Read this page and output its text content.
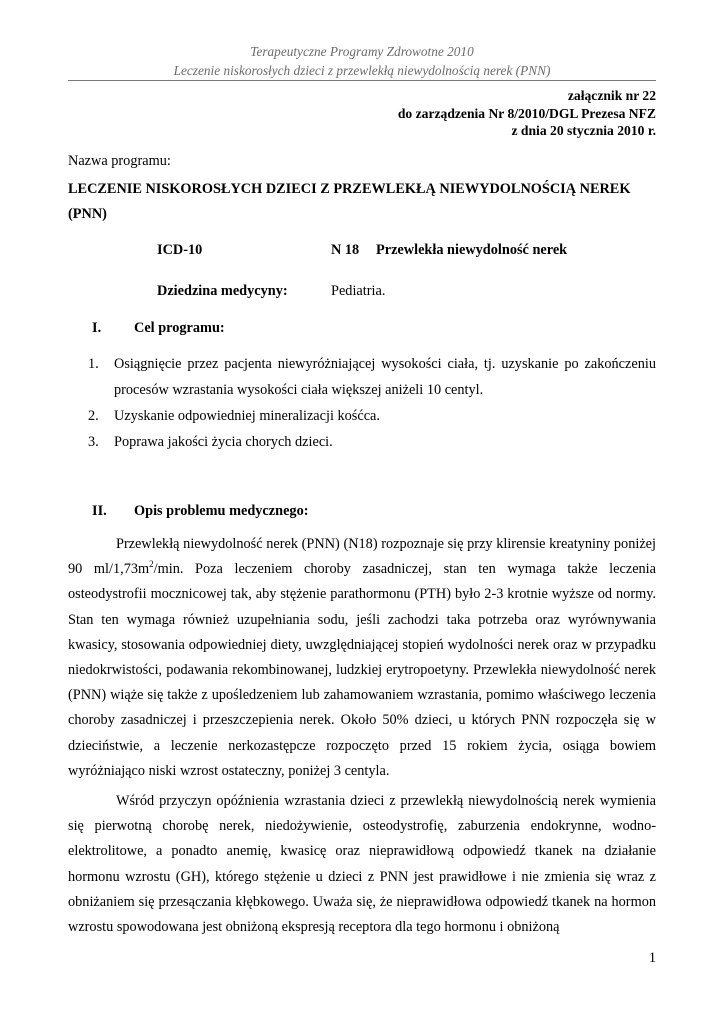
Terapeutyczne Programy Zdrowotne 2010
Leczenie niskorosłych dzieci z przewlekłą niewydolnością nerek (PNN)
załącznik nr 22
do zarządzenia Nr 8/2010/DGL Prezesa NFZ
z dnia 20 stycznia 2010 r.
Nazwa programu:
LECZENIE NISKOROSŁYCH DZIECI Z PRZEWLEKŁĄ NIEWYDOLNOŚCIĄ NEREK (PNN)
ICD-10	N 18 Przewlekła niewydolność nerek
Dziedzina medycyny:	Pediatria.
I. Cel programu:
1. Osiągnięcie przez pacjenta niewyróżniającej wysokości ciała, tj. uzyskanie po zakończeniu procesów wzrastania wysokości ciała większej aniżeli 10 centyl.
2. Uzyskanie odpowiedniej mineralizacji kośćca.
3. Poprawa jakości życia chorych dzieci.
II. Opis problemu medycznego:

Przewlekłą niewydolność nerek (PNN) (N18) rozpoznaje się przy klirensie kreatyniny poniżej 90 $ml/1,73m^2/\min$. Poza leczeniem choroby zasadniczej, stan ten wymaga także leczenia osteodystrofii mocznicowej tak, aby stężenie parathormonu (PTH) było 2-3 krotnie wyższe od normy. Stan ten wymaga również uzupełniania sodu, jeśli zachodzi taka potrzeba oraz wyrównywania kwasicy, stosowania odpowiedniej diety, uwzględniającej stopień wydolności nerek oraz w przypadku niedokrwistości, podawania rekombinowanej, ludzkiej erytropoetyny. Przewlekła niewydolność nerek (PNN) wiąże się także z upośledzeniem lub zahamowaniem wzrastania, pomimo właściwego leczenia choroby zasadniczej i przeszczepienia nerek. Około 50% dzieci, u których PNN rozpoczęła się w dzieciństwie, a leczenie nerkozastępcze rozpoczęto przed 15 rokiem życia, osiąga bowiem wyróżniająco niski wzrost ostateczny, poniżej 3 centyla.

Wśród przyczyn opóźnienia wzrastania dzieci z przewlekłą niewydolnością nerek wymienia się pierwotną chorobę nerek, niedożywienie, osteodystrofię, zaburzenia endokrynne, wodno-elektrolitowe, a ponadto anemię, kwasicę oraz nieprawidłową odpowiedź tkanek na działanie hormonu wzrostu (GH), którego stężenie u dzieci z PNN jest prawidłowe i nie zmienia się wraz z obniżaniem się przesączania kłębkowego. Uważa się, że nieprawidłowa odpowiedź tkanek na hormon wzrostu spowodowana jest obniżoną ekspresją receptora dla tego hormonu i obniżoną

1
